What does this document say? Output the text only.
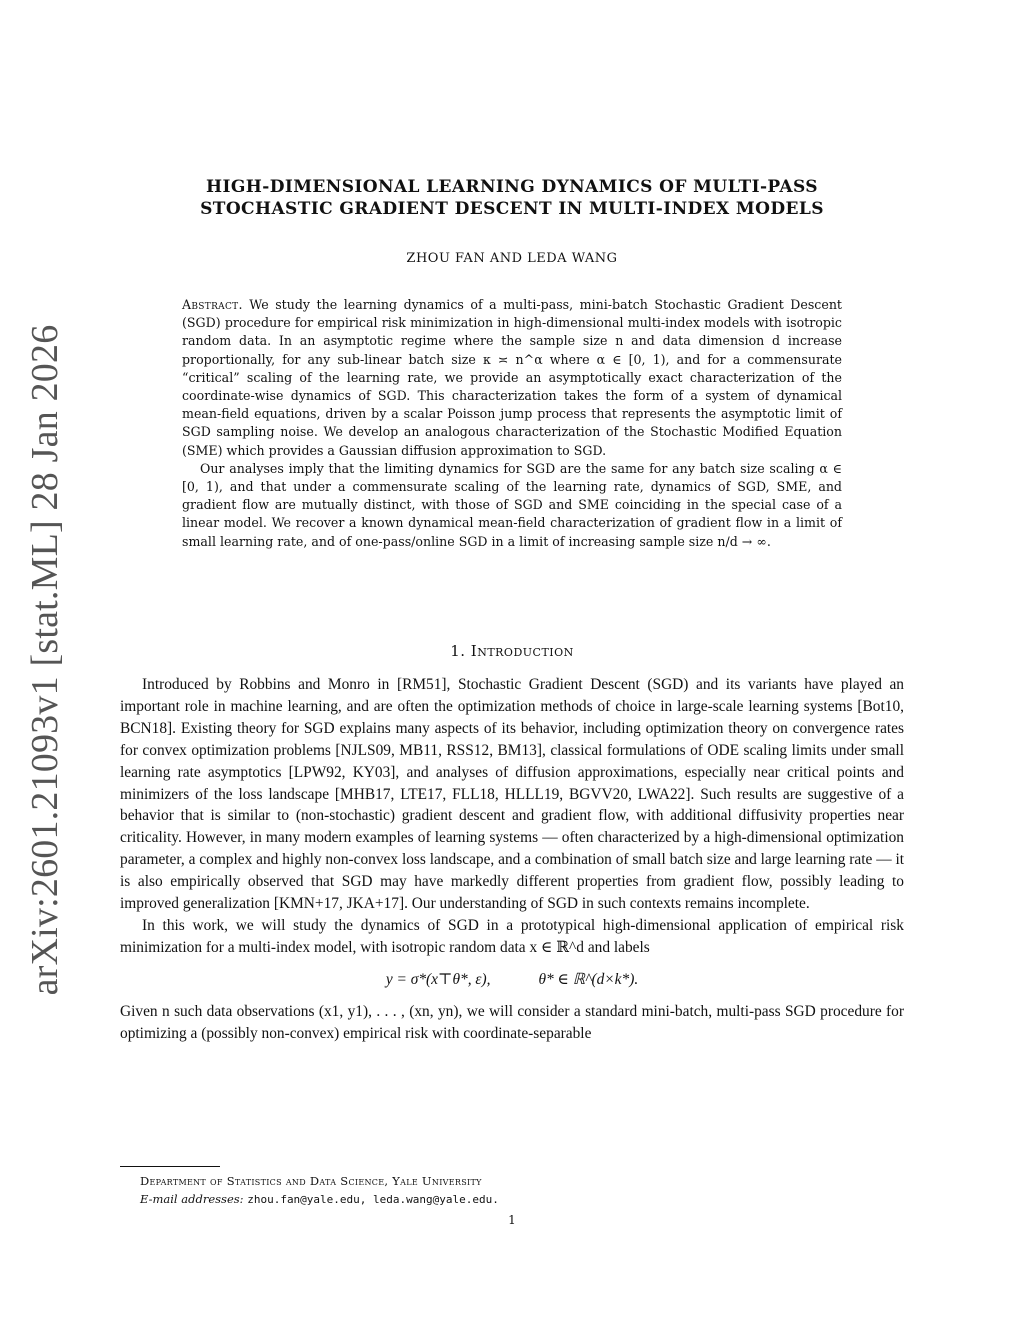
arXiv:2601.21093v1 [stat.ML] 28 Jan 2026
HIGH-DIMENSIONAL LEARNING DYNAMICS OF MULTI-PASS
STOCHASTIC GRADIENT DESCENT IN MULTI-INDEX MODELS
ZHOU FAN AND LEDA WANG

Abstract. We study the learning dynamics of a multi-pass, mini-batch Stochastic Gradient Descent (SGD) procedure for empirical risk minimization in high-dimensional multi-index models with isotropic random data. In an asymptotic regime where the sample size n and data dimension d increase proportionally, for any sub-linear batch size κ ≍ n^α where α ∈ [0, 1), and for a commensurate “critical” scaling of the learning rate, we provide an asymptotically exact characterization of the coordinate-wise dynamics of SGD. This characterization takes the form of a system of dynamical mean-field equations, driven by a scalar Poisson jump process that represents the asymptotic limit of SGD sampling noise. We develop an analogous characterization of the Stochastic Modified Equation (SME) which provides a Gaussian diffusion approximation to SGD.

Our analyses imply that the limiting dynamics for SGD are the same for any batch size scaling α ∈ [0, 1), and that under a commensurate scaling of the learning rate, dynamics of SGD, SME, and gradient flow are mutually distinct, with those of SGD and SME coinciding in the special case of a linear model. We recover a known dynamical mean-field characterization of gradient flow in a limit of small learning rate, and of one-pass/online SGD in a limit of increasing sample size n/d → ∞.

1. Introduction

Introduced by Robbins and Monro in [RM51], Stochastic Gradient Descent (SGD) and its variants have played an important role in machine learning, and are often the optimization methods of choice in large-scale learning systems [Bot10, BCN18]. Existing theory for SGD explains many aspects of its behavior, including optimization theory on convergence rates for convex optimization problems [NJLS09, MB11, RSS12, BM13], classical formulations of ODE scaling limits under small learning rate asymptotics [LPW92, KY03], and analyses of diffusion approximations, especially near critical points and minimizers of the loss landscape [MHB17, LTE17, FLL18, HLLL19, BGVV20, LWA22]. Such results are suggestive of a behavior that is similar to (non-stochastic) gradient descent and gradient flow, with additional diffusivity properties near criticality. However, in many modern examples of learning systems — often characterized by a high-dimensional optimization parameter, a complex and highly non-convex loss landscape, and a combination of small batch size and large learning rate — it is also empirically observed that SGD may have markedly different properties from gradient flow, possibly leading to improved generalization [KMN+17, JKA+17]. Our understanding of SGD in such contexts remains incomplete.

In this work, we will study the dynamics of SGD in a prototypical high-dimensional application of empirical risk minimization for a multi-index model, with isotropic random data x ∈ ℝ^d and labels

y = σ*(x⊤θ*, ε),	θ* ∈ ℝ^(d×k*).

Given n such data observations (x1, y1), . . . , (xn, yn), we will consider a standard mini-batch, multi-pass SGD procedure for optimizing a (possibly non-convex) empirical risk with coordinate-separable

Department of Statistics and Data Science, Yale University
E-mail addresses: zhou.fan@yale.edu, leda.wang@yale.edu.
1
